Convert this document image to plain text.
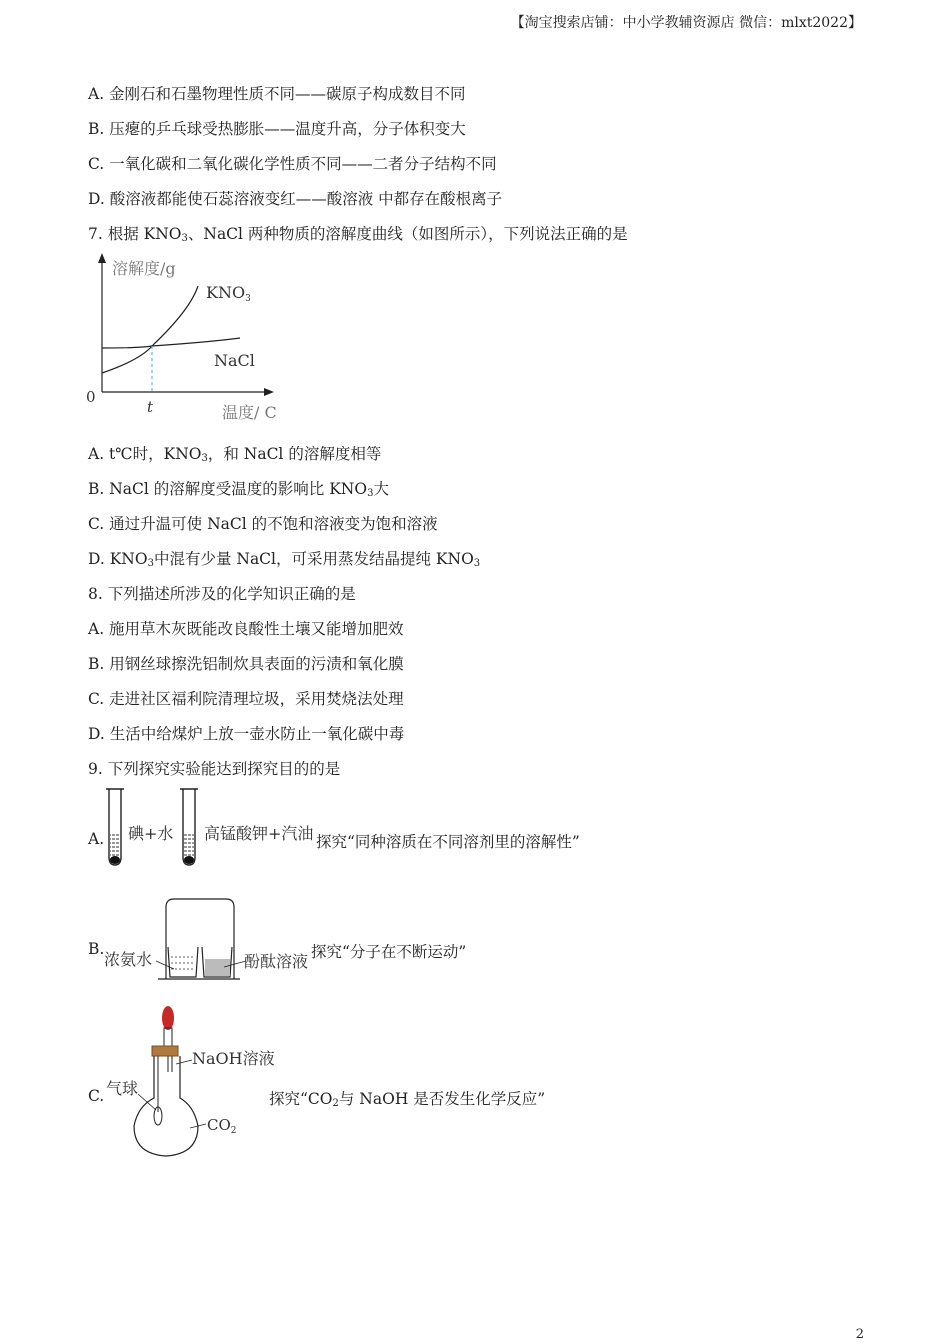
【淘宝搜索店铺：中小学教辅资源店 微信：mlxt2022】
A. 金刚石和石墨物理性质不同——碳原子构成数目不同
B. 压瘪的乒乓球受热膨胀——温度升高，分子体积变大
C. 一氧化碳和二氧化碳化学性质不同——二者分子结构不同
D. 酸溶液都能使石蕊溶液变红——酸溶液 中都存在酸根离子
7. 根据 $KNO_3$、NaCl 两种物质的溶解度曲线（如图所示），下列说法正确的是
溶解度/g
KNO3
NaCl
0
t	温度/ C
A. t℃时，$KNO_3$，和 NaCl 的溶解度相等
B. NaCl 的溶解度受温度的影响比 $KNO_3$大
C. 通过升温可使 NaCl 的不饱和溶液变为饱和溶液
D. $KNO_3$中混有少量 NaCl，可采用蒸发结晶提纯 $KNO_3$
8. 下列描述所涉及的化学知识正确的是
A. 施用草木灰既能改良酸性土壤又能增加肥效
B. 用钢丝球擦洗铝制炊具表面的污渍和氧化膜
C. 走进社区福利院清理垃圾，采用焚烧法处理
D. 生活中给煤炉上放一壶水防止一氧化碳中毒
9. 下列探究实验能达到探究目的的是
A. 碘+水 高锰酸钾+汽油 探究“同种溶质在不同溶剂里的溶解性”
B.
浓氨水	酚酞溶液 探究“分子在不断运动”
C.
NaOH溶液
气球
$CO_2$
探究“$CO_2$与 NaOH 是否发生化学反应”
2
